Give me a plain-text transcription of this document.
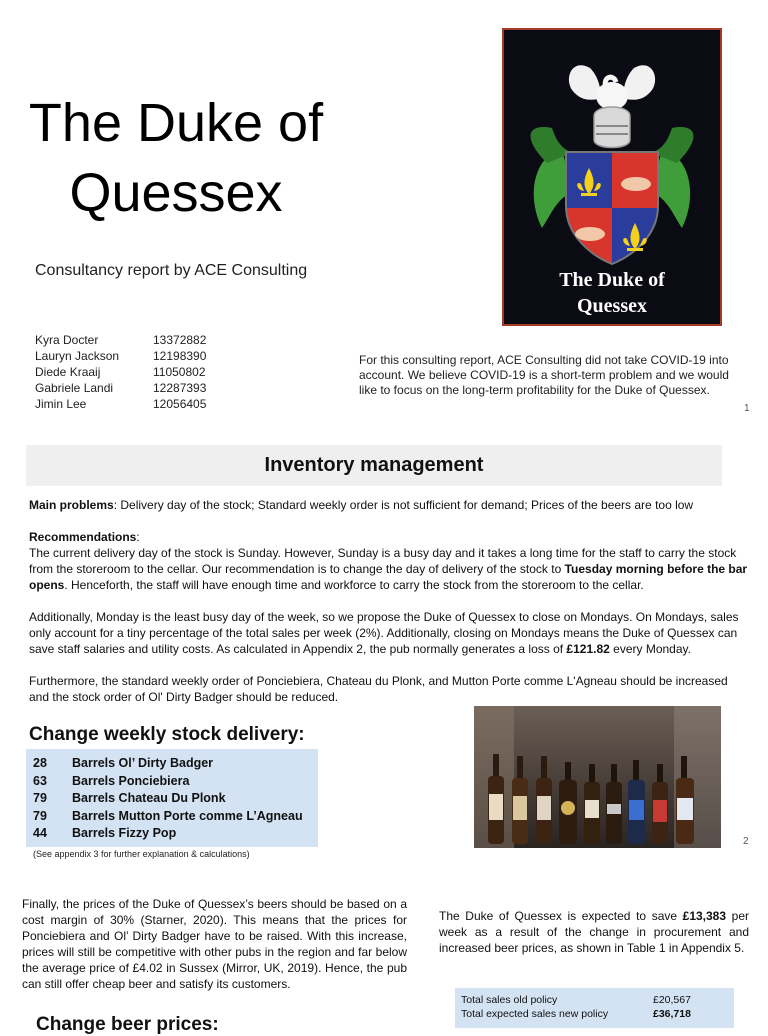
The Duke of
Quessex
Consultancy report by ACE Consulting
Kyra Docter	13372882
Lauryn Jackson	12198390
Diede Kraaij	11050802
Gabriele Landi	12287393
Jimin Lee	12056405
The Duke of
Quessex
For this consulting report, ACE Consulting did not take COVID-19 into account. We believe COVID-19 is a short-term problem and we would like to focus on the long-term profitability for the Duke of Quessex.
1
Inventory management

Main problems: Delivery day of the stock; Standard weekly order is not sufficient for demand; Prices of the beers are too low

Recommendations:
The current delivery day of the stock is Sunday. However, Sunday is a busy day and it takes a long time for the staff to carry the stock from the storeroom to the cellar. Our recommendation is to change the day of delivery of the stock to Tuesday morning before the bar opens. Henceforth, the staff will have enough time and workforce to carry the stock from the storeroom to the cellar.

Additionally, Monday is the least busy day of the week, so we propose the Duke of Quessex to close on Mondays. On Mondays, sales only account for a tiny percentage of the total sales per week (2%). Additionally, closing on Mondays means the Duke of Quessex can save staff salaries and utility costs. As calculated in Appendix 2, the pub normally generates a loss of £121.82 every Monday.

Furthermore, the standard weekly order of Ponciebiera, Chateau du Plonk, and Mutton Porte comme L'Agneau should be increased and the stock order of Ol' Dirty Badger should be reduced.

Change weekly stock delivery:
28	Barrels Ol’ Dirty Badger
63	Barrels Ponciebiera
79	Barrels Chateau Du Plonk
79	Barrels Mutton Porte comme L’Agneau
44	Barrels Fizzy Pop
(See appendix 3 for further explanation & calculations)
2
Finally, the prices of the Duke of Quessex’s beers should be based on a cost margin of 30% (Starner, 2020). This means that the prices for Ponciebiera and Ol’ Dirty Badger have to be raised. With this increase, prices will still be competitive with other pubs in the region and far below the average price of £4.02 in Sussex (Mirror, UK, 2019). Hence, the pub can still offer cheap beer and satisfy its customers.
The Duke of Quessex is expected to save £13,383 per week as a result of the change in procurement and increased beer prices, as shown in Table 1 in Appendix 5.
Total sales old policy	£20,567
Total expected sales new policy	£36,718
Change beer prices:
